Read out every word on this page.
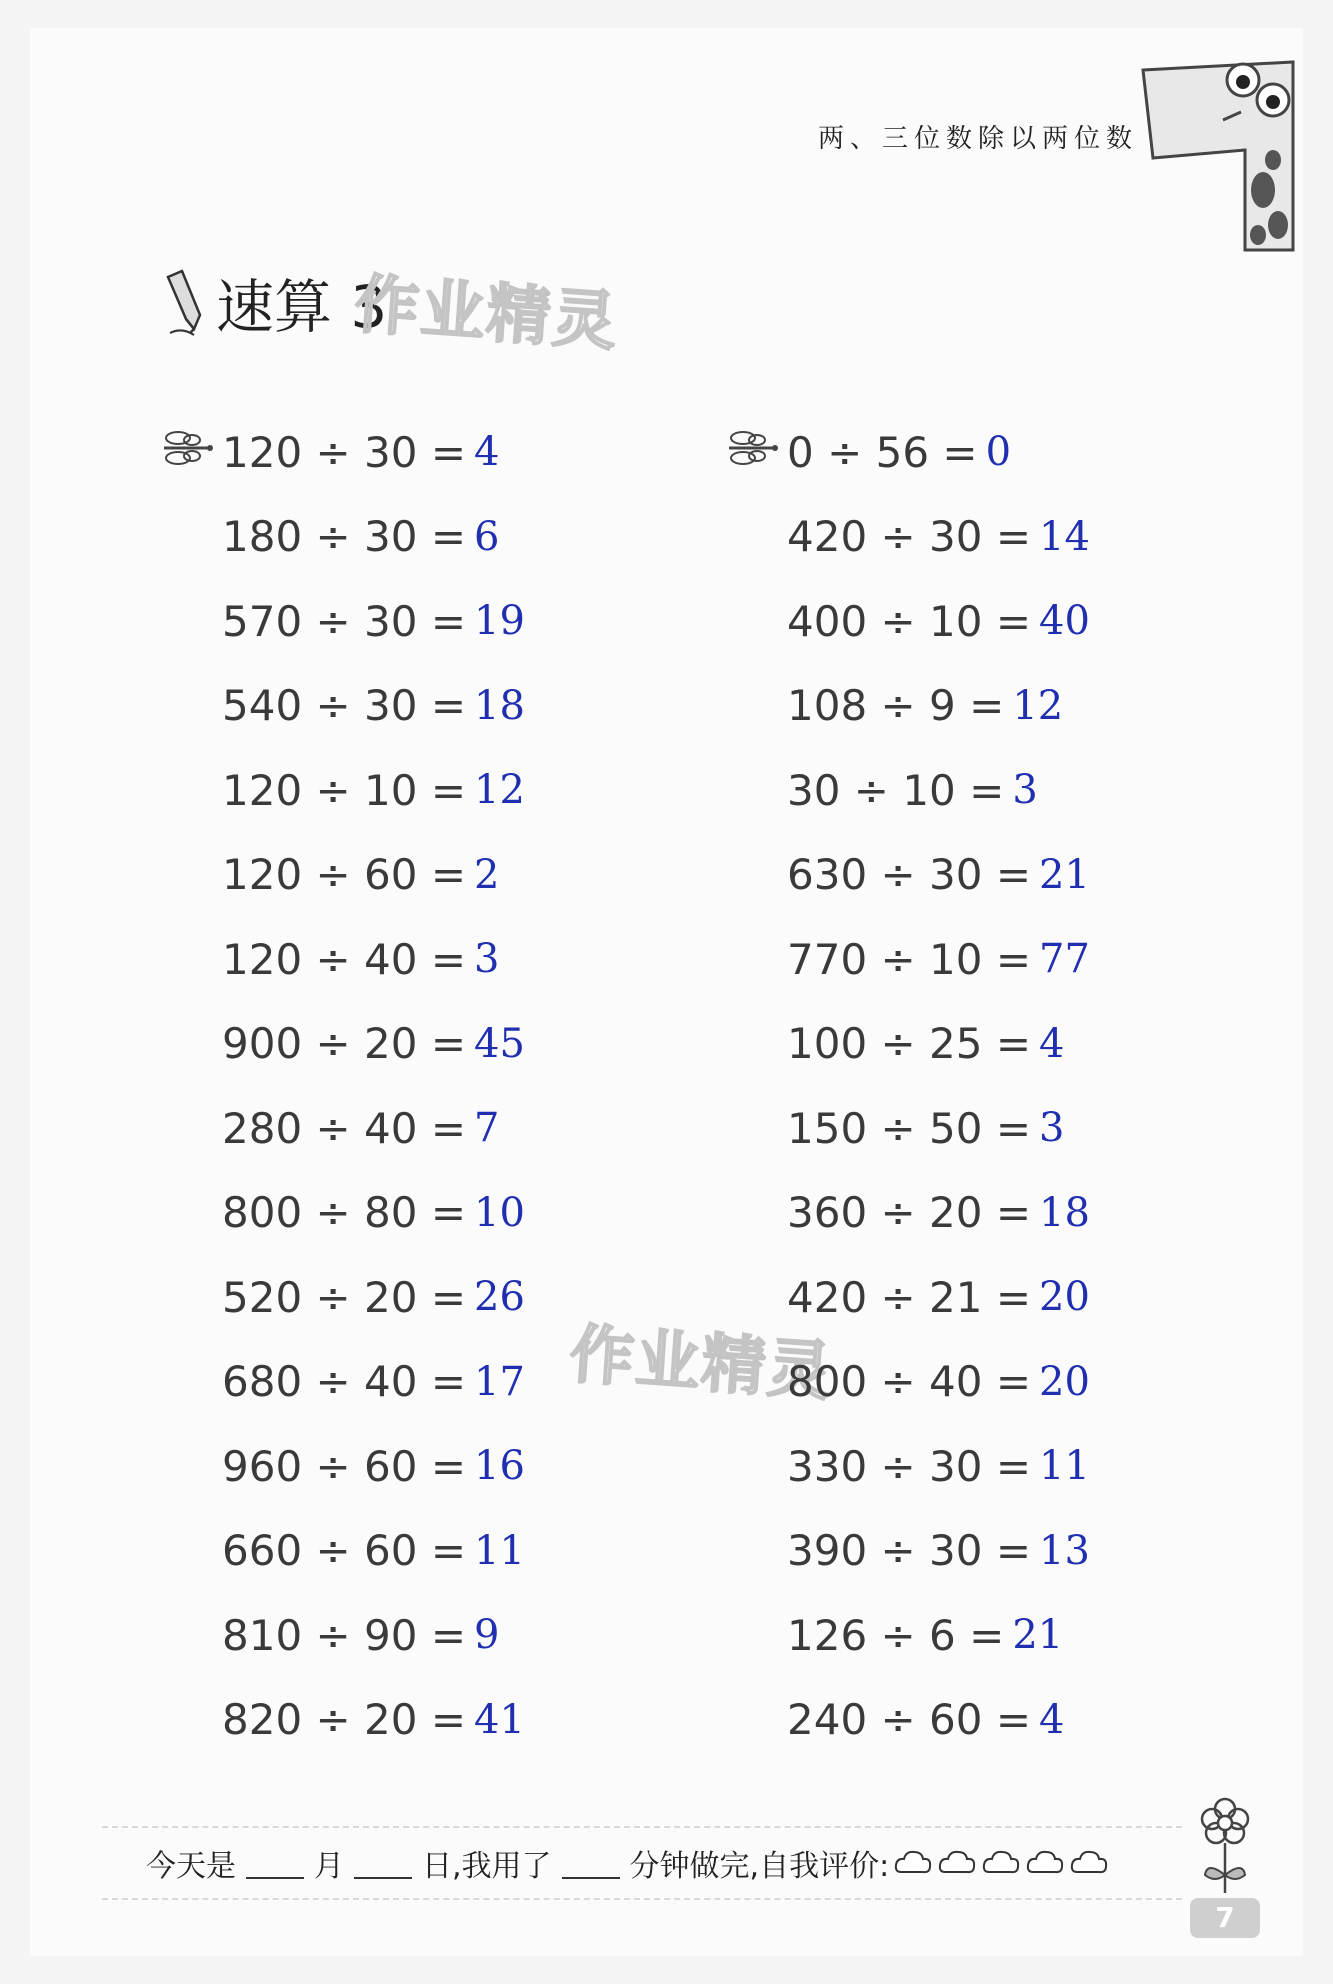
两、三位数除以两位数
速算 3
作业精灵
作业精灵
120 ÷ 30 = 4
180 ÷ 30 = 6
570 ÷ 30 = 19
540 ÷ 30 = 18
120 ÷ 10 = 12
120 ÷ 60 = 2
120 ÷ 40 = 3
900 ÷ 20 = 45
280 ÷ 40 = 7
800 ÷ 80 = 10
520 ÷ 20 = 26
680 ÷ 40 = 17
960 ÷ 60 = 16
660 ÷ 60 = 11
810 ÷ 90 = 9
820 ÷ 20 = 41
0 ÷ 56 = 0
420 ÷ 30 = 14
400 ÷ 10 = 40
108 ÷ 9 = 12
30 ÷ 10 = 3
630 ÷ 30 = 21
770 ÷ 10 = 77
100 ÷ 25 = 4
150 ÷ 50 = 3
360 ÷ 20 = 18
420 ÷ 21 = 20
800 ÷ 40 = 20
330 ÷ 30 = 11
390 ÷ 30 = 13
126 ÷ 6 = 21
240 ÷ 60 = 4
今天是	月	日,我用了	分钟做完,自我评价:
7
